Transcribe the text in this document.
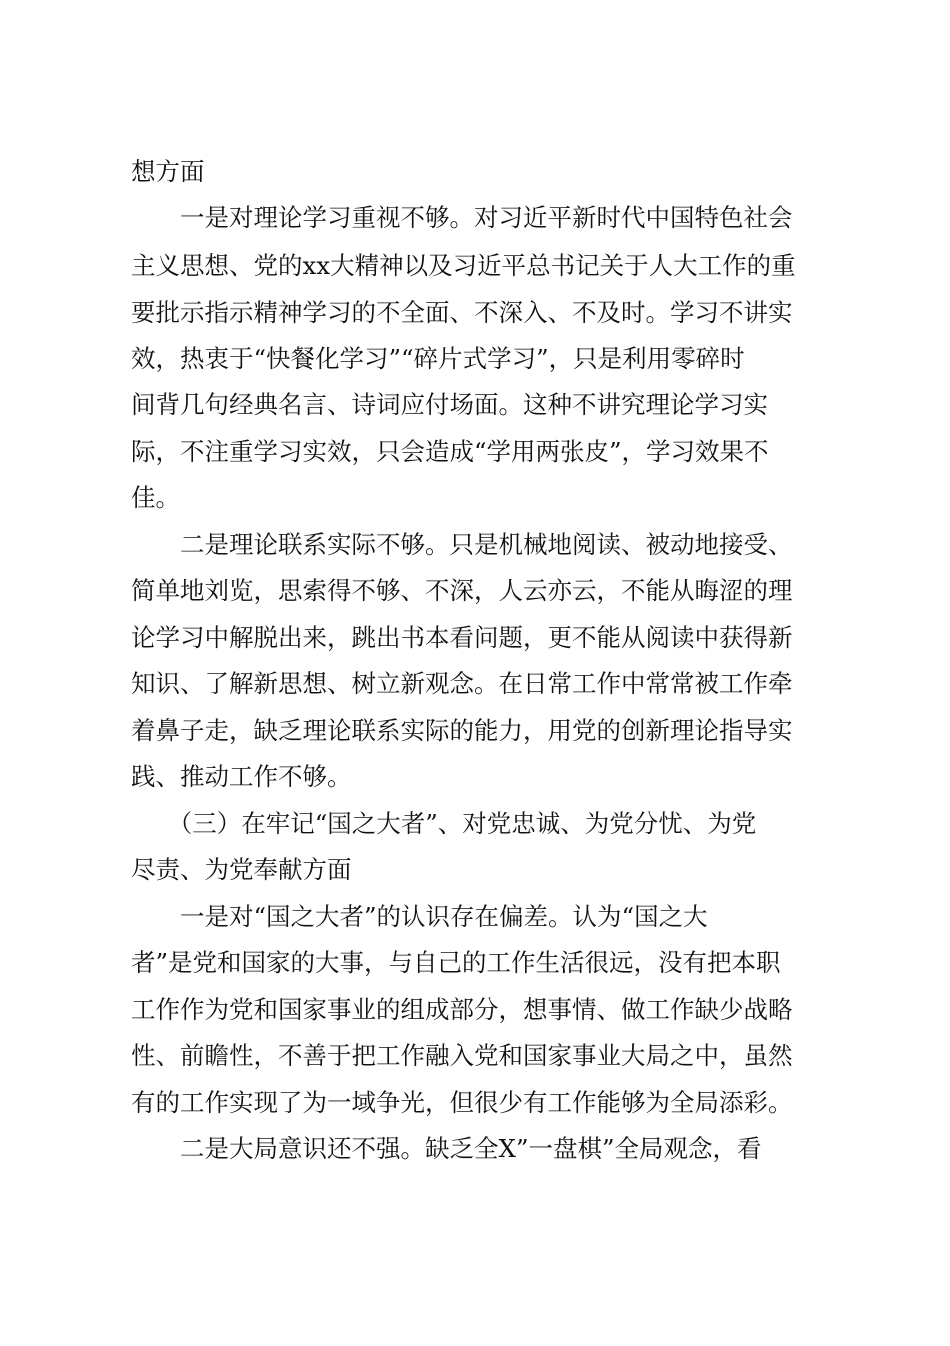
想方面
　　一是对理论学习重视不够。对习近平新时代中国特色社会
主义思想、党的xx大精神以及习近平总书记关于人大工作的重
要批示指示精神学习的不全面、不深入、不及时。学习不讲实
效，热衷于“快餐化学习”“碎片式学习”，只是利用零碎时
间背几句经典名言、诗词应付场面。这种不讲究理论学习实
际，不注重学习实效，只会造成“学用两张皮”，学习效果不
佳。
　　二是理论联系实际不够。只是机械地阅读、被动地接受、
简单地刘览，思索得不够、不深，人云亦云，不能从晦涩的理
论学习中解脱出来，跳出书本看问题，更不能从阅读中获得新
知识、了解新思想、树立新观念。在日常工作中常常被工作牵
着鼻子走，缺乏理论联系实际的能力，用党的创新理论指导实
践、推动工作不够。
　　（三）在牢记“国之大者”、对党忠诚、为党分忧、为党
尽责、为党奉献方面
　　一是对“国之大者”的认识存在偏差。认为“国之大
者”是党和国家的大事，与自己的工作生活很远，没有把本职
工作作为党和国家事业的组成部分，想事情、做工作缺少战略
性、前瞻性，不善于把工作融入党和国家事业大局之中，虽然
有的工作实现了为一域争光，但很少有工作能够为全局添彩。
　　二是大局意识还不强。缺乏全X”一盘棋”全局观念，看
